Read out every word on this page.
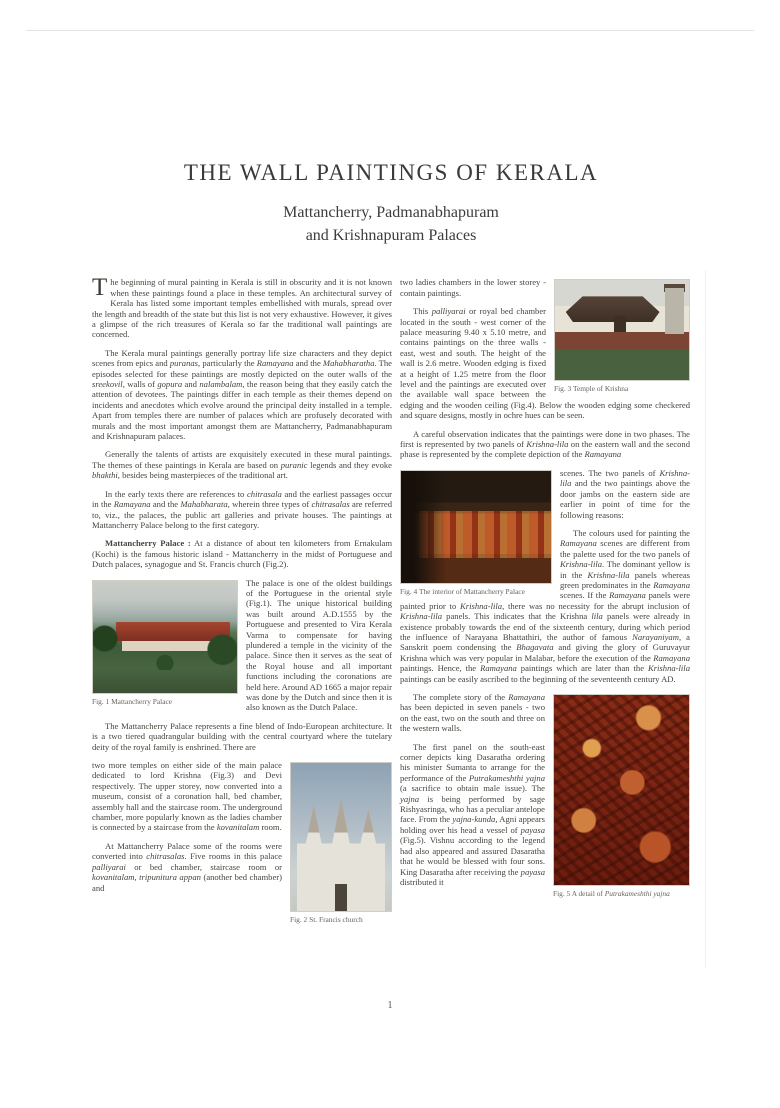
THE WALL PAINTINGS OF KERALA
Mattancherry, Padmanabhapuram
and Krishnapuram Palaces

The beginning of mural painting in Kerala is still in obscurity and it is not known when these paintings found a place in these temples. An architectural survey of Kerala has listed some important temples embellished with murals, spread over the length and breadth of the state but this list is not very exhaustive. However, it gives a glimpse of the rich treasures of Kerala so far the traditional wall paintings are concerned.

The Kerala mural paintings generally portray life size characters and they depict scenes from epics and puranas, particularly the Ramayana and the Mahabharatha. The episodes selected for these paintings are mostly depicted on the outer walls of the sreekovil, walls of gopura and nalambalam, the reason being that they easily catch the attention of devotees. The paintings differ in each temple as their themes depend on incidents and anecdotes which evolve around the principal deity installed in a temple. Apart from temples there are number of palaces which are profusely decorated with murals and the most important amongst them are Mattancherry, Padmanabhapuram and Krishnapuram palaces.

Generally the talents of artists are exquisitely executed in these mural paintings. The themes of these paintings in Kerala are based on puranic legends and they evoke bhakthi, besides being masterpieces of the traditional art.

In the early texts there are references to chitrasala and the earliest passages occur in the Ramayana and the Mahabharata, wherein three types of chitrasalas are referred to, viz., the palaces, the public art galleries and private houses. The paintings at Mattancherry Palace belong to the first category.

Mattancherry Palace : At a distance of about ten kilometers from Ernakulam (Kochi) is the famous historic island - Mattancherry in the midst of Portuguese and Dutch palaces, synagogue and St. Francis church (Fig.2).

Fig. 1 Mattancherry Palace

The palace is one of the oldest buildings of the Portuguese in the oriental style (Fig.1). The unique historical building was built around A.D.1555 by the Portuguese and presented to Vira Kerala Varma to compensate for having plundered a temple in the vicinity of the palace. Since then it serves as the seat of the Royal house and all important functions including the coronations are held here. Around AD 1665 a major repair was done by the Dutch and since then it is also known as the Dutch Palace.

The Mattancherry Palace represents a fine blend of Indo-European architecture. It is a two tiered quadrangular building with the central courtyard where the tutelary deity of the royal family is enshrined. There are

Fig. 2 St. Francis church

two more temples on either side of the main palace dedicated to lord Krishna (Fig.3) and Devi respectively. The upper storey, now converted into a museum, consist of a coronation hall, bed chamber, assembly hall and the staircase room. The underground chamber, more popularly known as the ladies chamber is connected by a staircase from the kovanitalam room.

At Mattancherry Palace some of the rooms were converted into chitrasalas. Five rooms in this palace palliyarai or bed chamber, staircase room or kovanitalam, tripunitura appan (another bed chamber) and

Fig. 3 Temple of Krishna

two ladies chambers in the lower storey - contain paintings.

This palliyarai or royal bed chamber located in the south - west corner of the palace measuring 9.40 x 5.10 metre, and contains paintings on the three walls - east, west and south. The height of the wall is 2.6 metre. Wooden edging is fixed at a height of 1.25 metre from the floor level and the paintings are executed over the available wall space between the edging and the wooden ceiling (Fig.4). Below the wooden edging some checkered and square designs, mostly in ochre hues can be seen.

A careful observation indicates that the paintings were done in two phases. The first is represented by two panels of Krishna-lila on the eastern wall and the second phase is represented by the complete depiction of the Ramayana

Fig. 4 The interior of Mattancherry Palace

scenes. The two panels of Krishna-lila and the two paintings above the door jambs on the eastern side are earlier in point of time for the following reasons:

The colours used for painting the Ramayana scenes are different from the palette used for the two panels of Krishna-lila. The dominant yellow is in the Krishna-lila panels whereas green predominates in the Ramayana scenes. If the Ramayana panels were painted prior to Krishna-lila, there was no necessity for the abrupt inclusion of Krishna-lila panels. This indicates that the Krishna lila panels were already in existence probably towards the end of the sixteenth century, during which period the influence of Narayana Bhattathiri, the author of famous Narayaniyam, a Sanskrit poem condensing the Bhagavata and giving the glory of Guruvayur Krishna which was very popular in Malabar, before the execution of the Ramayana paintings. Hence, the Ramayana paintings which are later than the Krishna-lila paintings can be easily ascribed to the beginning of the seventeenth century AD.

Fig. 5 A detail of Putrakameshthi yajna

The complete story of the Ramayana has been depicted in seven panels - two on the east, two on the south and three on the western walls.

The first panel on the south-east corner depicts king Dasaratha ordering his minister Sumanta to arrange for the performance of the Putrakameshthi yajna (a sacrifice to obtain male issue). The yajna is being performed by sage Rishyasringa, who has a peculiar antelope face. From the yajna-kunda, Agni appears holding over his head a vessel of payasa (Fig.5). Vishnu according to the legend had also appeared and assured Dasaratha that he would be blessed with four sons. King Dasaratha after receiving the payasa distributed it

1
